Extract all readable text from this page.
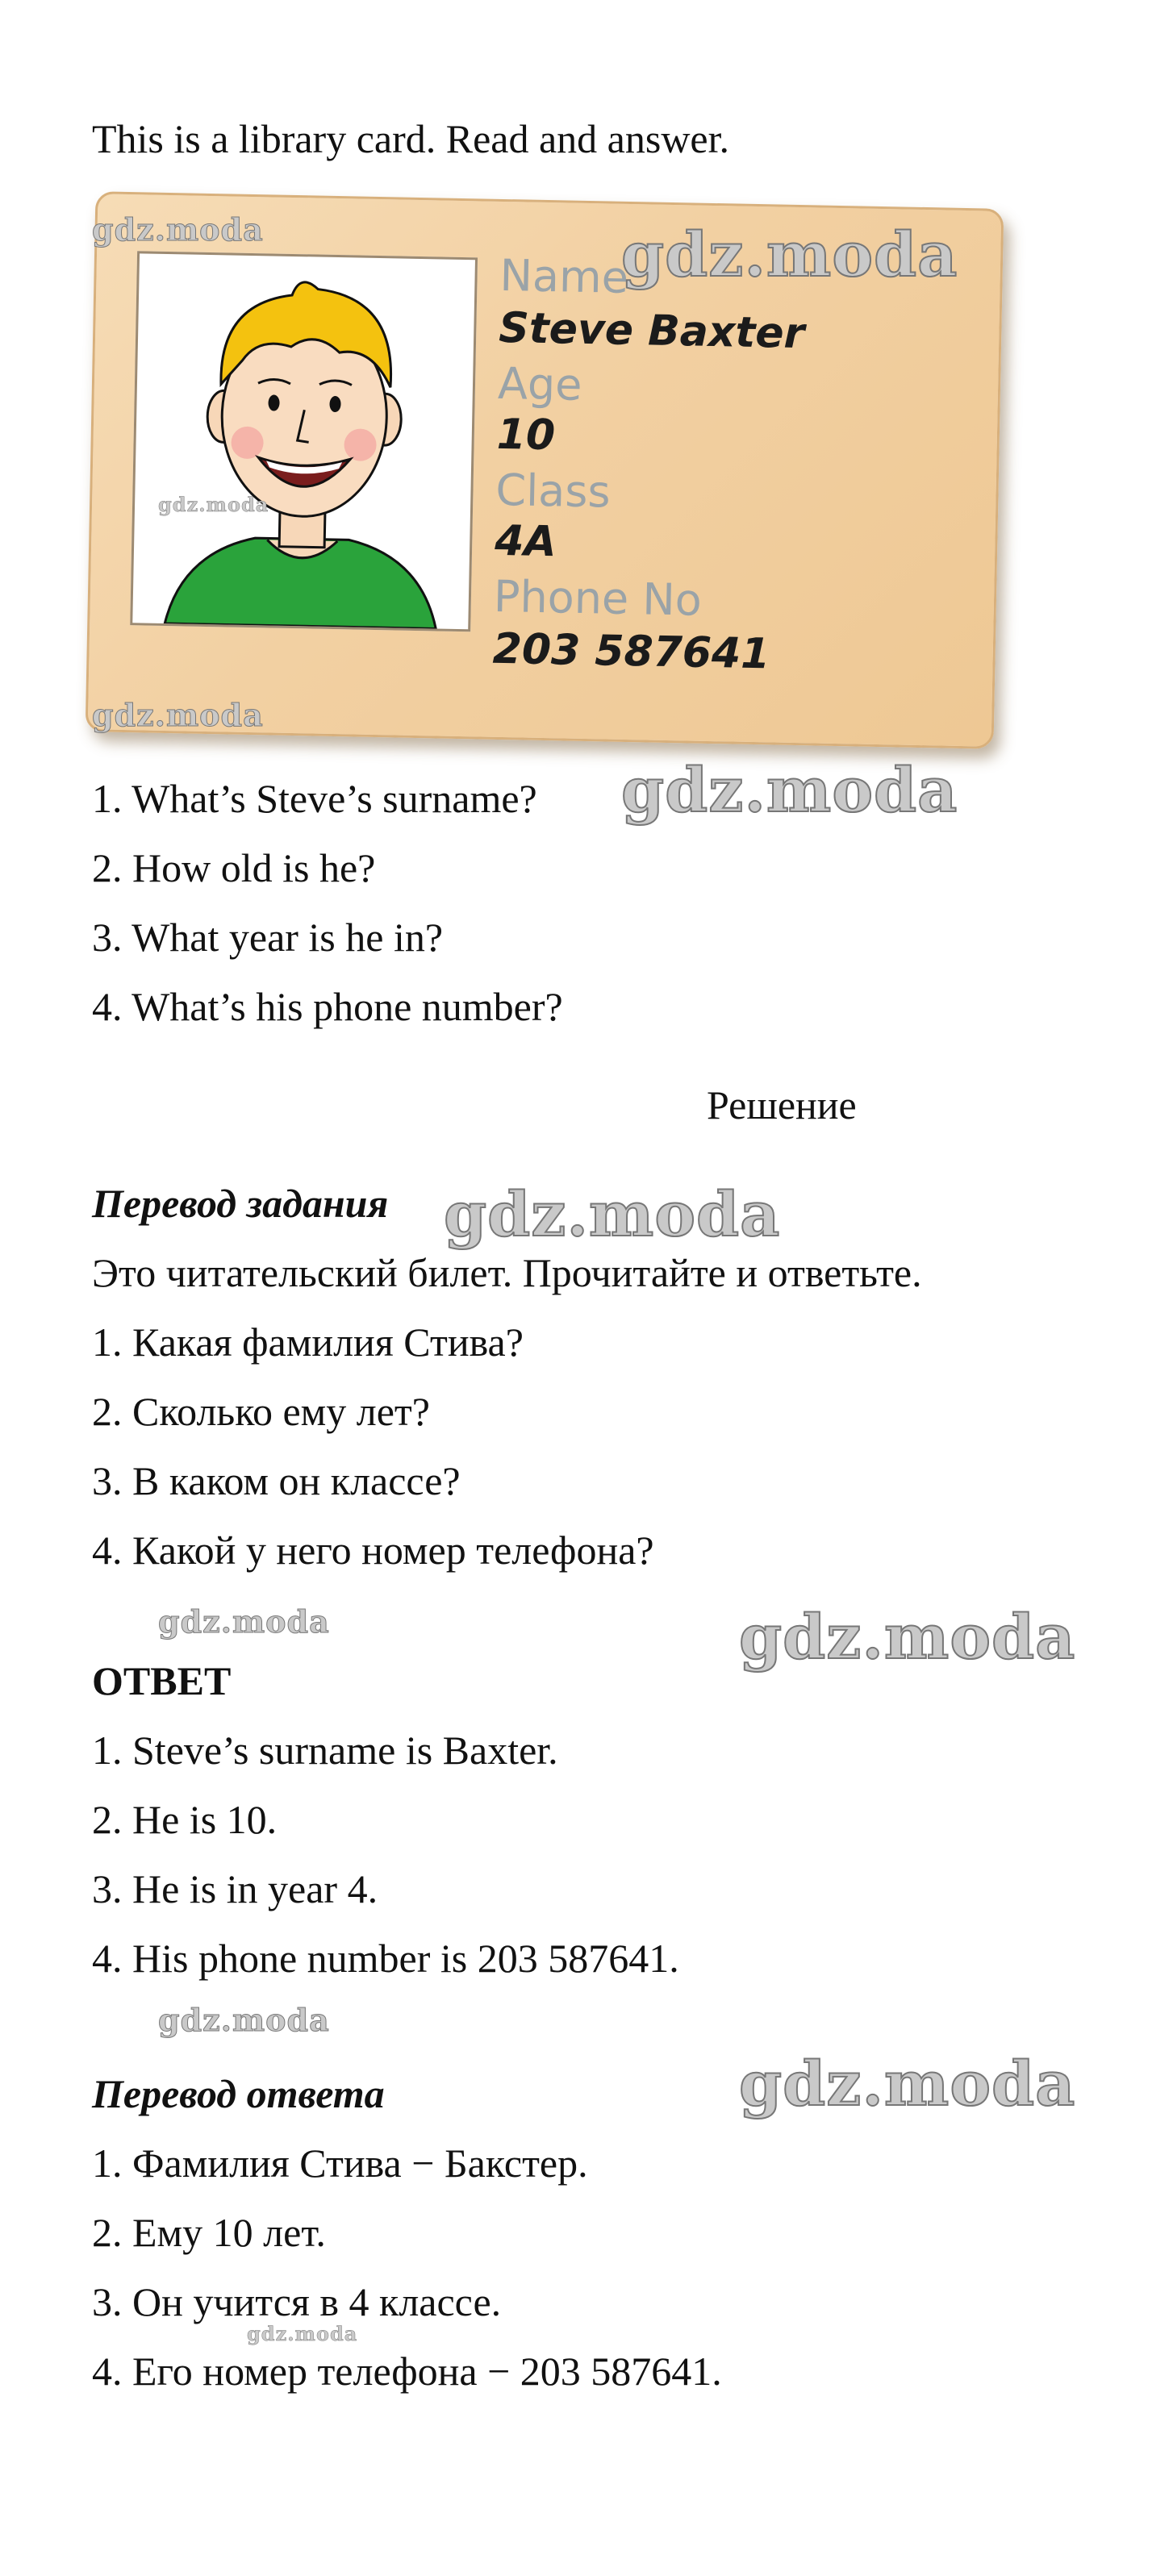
This is a library card. Read and answer.
Name
Steve Baxter
Age
10
Class
4A
Phone No
203 587641
1. What’s Steve’s surname?
2. How old is he?
3. What year is he in?
4. What’s his phone number?
Решение
Перевод задания
Это читательский билет. Прочитайте и ответьте.
1. Какая фамилия Стива?
2. Сколько ему лет?
3. В каком он классе?
4. Какой у него номер телефона?
ОТВЕТ
1. Steve’s surname is Baxter.
2. He is 10.
3. He is in year 4.
4. His phone number is 203 587641.
Перевод ответа
1. Фамилия Стива − Бакстер.
2. Ему 10 лет.
3. Он учится в 4 классе.
4. Его номер телефона − 203 587641.
gdz.moda	gdz.moda
gdz.moda
gdz.moda
gdz.moda
gdz.moda
gdz.moda	gdz.moda
gdz.moda
gdz.moda
gdz.moda
